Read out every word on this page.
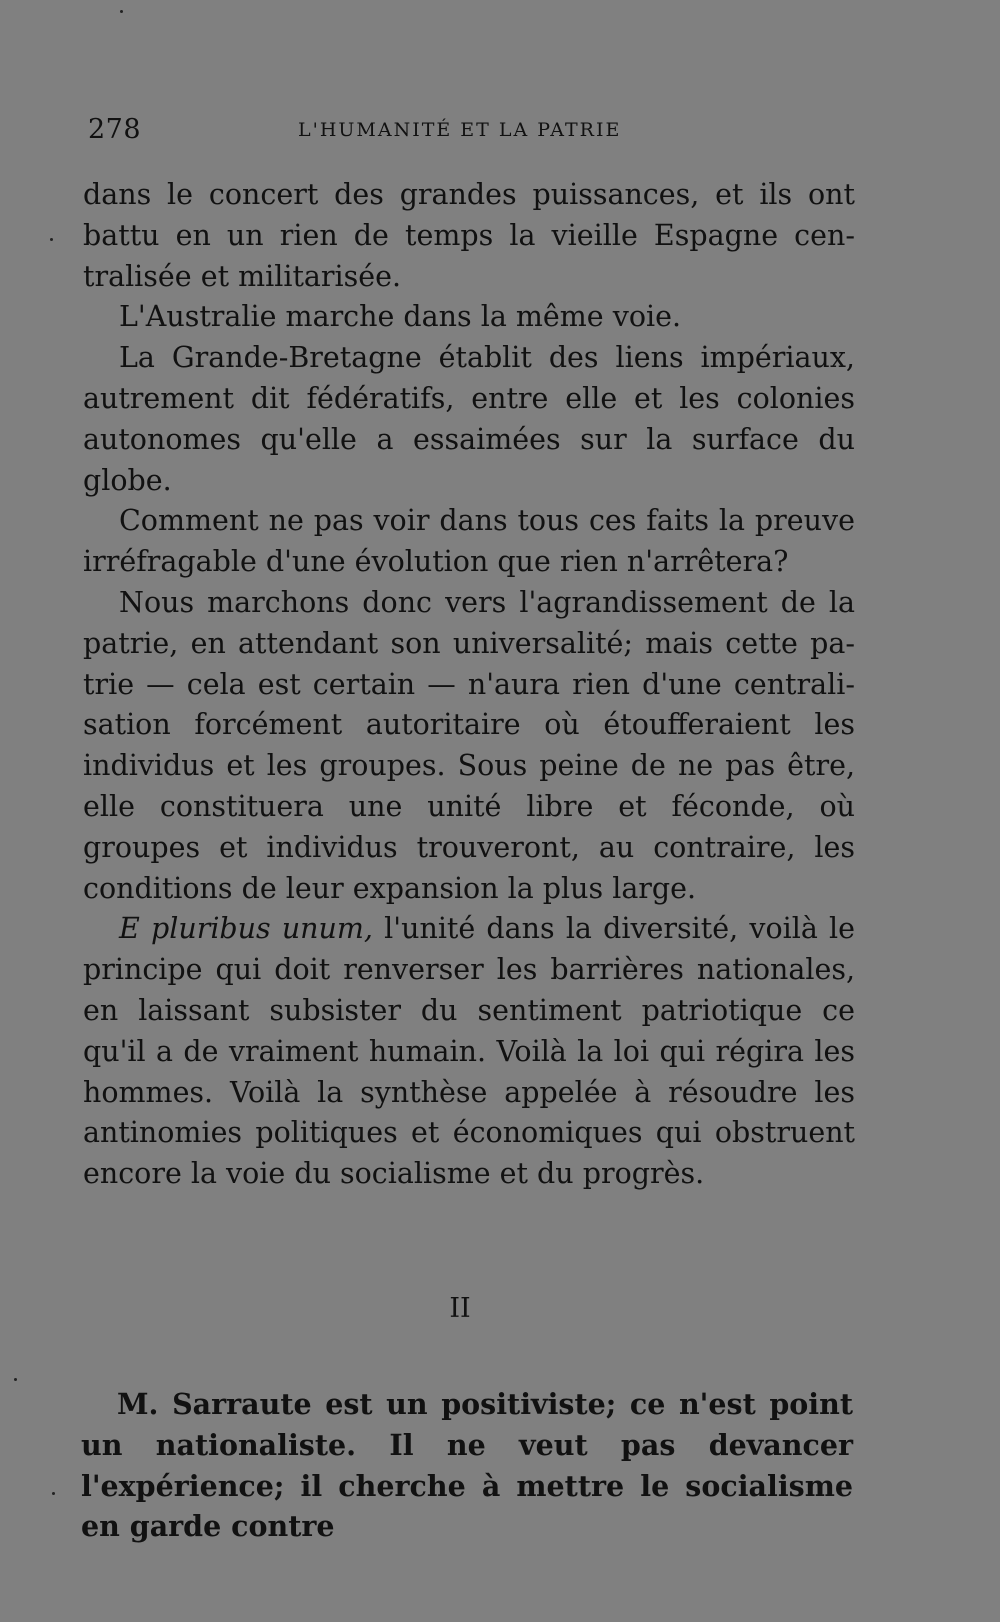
278	L'HUMANITÉ ET LA PATRIE

dans le concert des grandes puissances, et ils ont battu en un rien de temps la vieille Espagne centralisée et militarisée.

L'Australie marche dans la même voie.

La Grande-Bretagne établit des liens impériaux, autrement dit fédératifs, entre elle et les colonies autonomes qu'elle a essaimées sur la surface du globe.

Comment ne pas voir dans tous ces faits la preuve irréfragable d'une évolution que rien n'arrêtera?

Nous marchons donc vers l'agrandissement de la patrie, en attendant son universalité; mais cette patrie — cela est certain — n'aura rien d'une centralisation forcément autoritaire où étoufferaient les individus et les groupes. Sous peine de ne pas être, elle constituera une unité libre et féconde, où groupes et individus trouveront, au contraire, les conditions de leur expansion la plus large.

E pluribus unum, l'unité dans la diversité, voilà le principe qui doit renverser les barrières nationales, en laissant subsister du sentiment patriotique ce qu'il a de vraiment humain. Voilà la loi qui régira les hommes. Voilà la synthèse appelée à résoudre les antinomies politiques et économiques qui obstruent encore la voie du socialisme et du progrès.

II

M. Sarraute est un positiviste; ce n'est point un nationaliste. Il ne veut pas devancer l'expérience; il cherche à mettre le socialisme en garde contre
